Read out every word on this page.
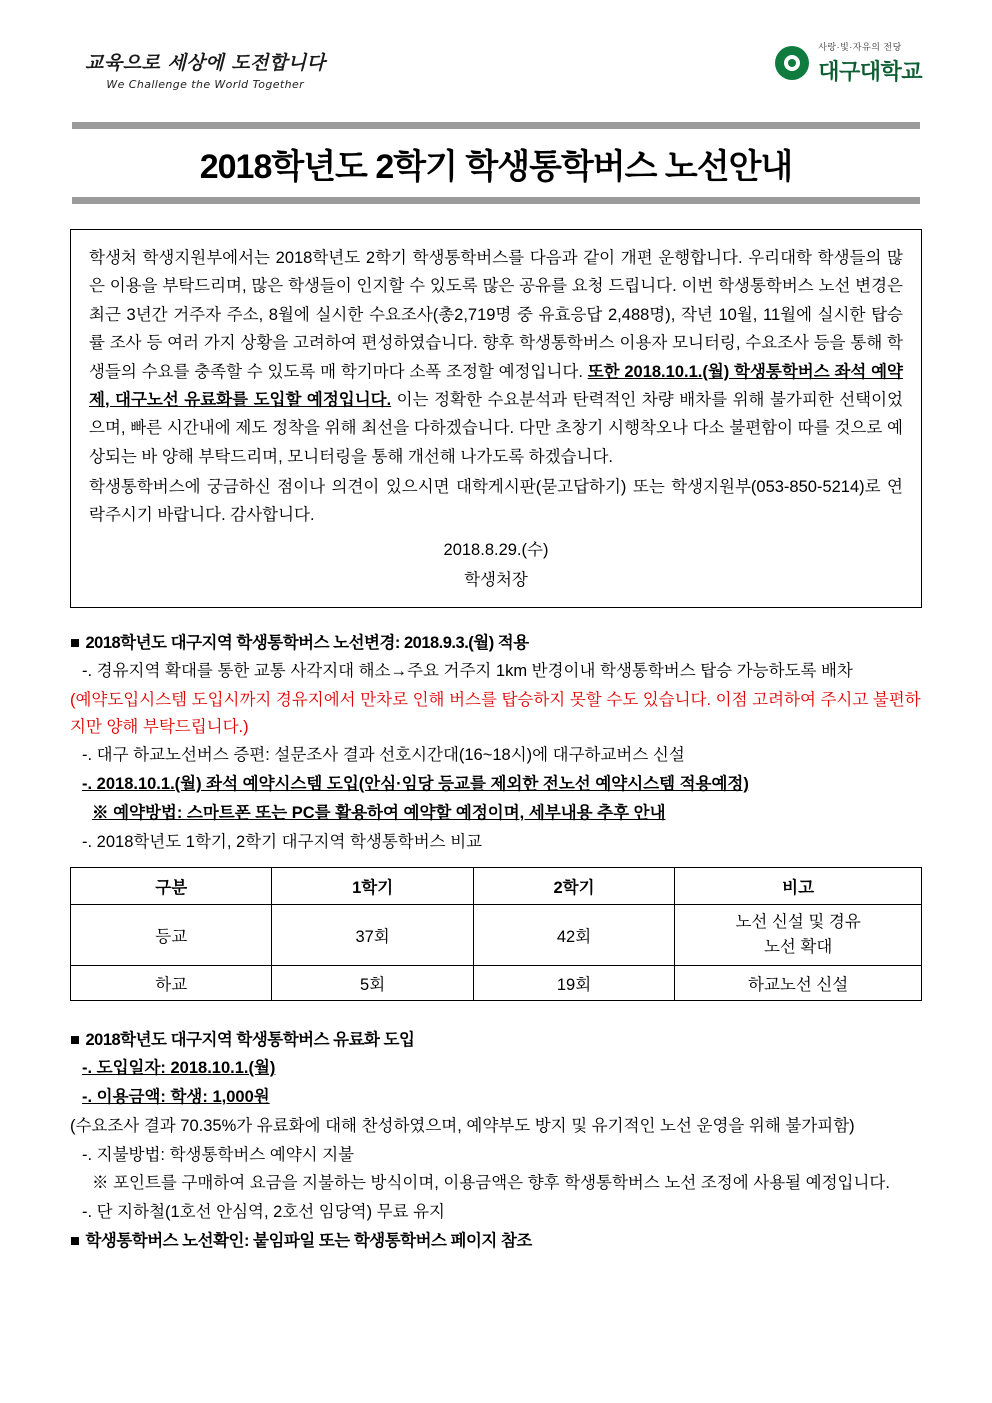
교육으로 세상에 도전합니다
We Challenge the World Together
사랑·빛·자유의 전당
대구대학교
2018학년도 2학기 학생통학버스 노선안내

학생처 학생지원부에서는 2018학년도 2학기 학생통학버스를 다음과 같이 개편 운행합니다. 우리대학 학생들의 많은 이용을 부탁드리며, 많은 학생들이 인지할 수 있도록 많은 공유를 요청 드립니다. 이번 학생통학버스 노선 변경은 최근 3년간 거주자 주소, 8월에 실시한 수요조사(총2,719명 중 유효응답 2,488명), 작년 10월, 11월에 실시한 탑승률 조사 등 여러 가지 상황을 고려하여 편성하였습니다. 향후 학생통학버스 이용자 모니터링, 수요조사 등을 통해 학생들의 수요를 충족할 수 있도록 매 학기마다 소폭 조정할 예정입니다. 또한 2018.10.1.(월) 학생통학버스 좌석 예약제, 대구노선 유료화를 도입할 예정입니다. 이는 정확한 수요분석과 탄력적인 차량 배차를 위해 불가피한 선택이었으며, 빠른 시간내에 제도 정착을 위해 최선을 다하겠습니다. 다만 초창기 시행착오나 다소 불편함이 따를 것으로 예상되는 바 양해 부탁드리며, 모니터링을 통해 개선해 나가도록 하겠습니다.

학생통학버스에 궁금하신 점이나 의견이 있으시면 대학게시판(묻고답하기) 또는 학생지원부(053-850-5214)로 연락주시기 바랍니다. 감사합니다.

2018.8.29.(수)
학생처장
■ 2018학년도 대구지역 학생통학버스 노선변경: 2018.9.3.(월) 적용
-. 경유지역 확대를 통한 교통 사각지대 해소→주요 거주지 1km 반경이내 학생통학버스 탑승 가능하도록 배차
(예약도입시스템 도입시까지 경유지에서 만차로 인해 버스를 탑승하지 못할 수도 있습니다. 이점 고려하여 주시고 불편하지만 양해 부탁드립니다.)
-. 대구 하교노선버스 증편: 설문조사 결과 선호시간대(16~18시)에 대구하교버스 신설
-. 2018.10.1.(월) 좌석 예약시스템 도입(안심·임당 등교를 제외한 전노선 예약시스템 적용예정)
※ 예약방법: 스마트폰 또는 PC를 활용하여 예약할 예정이며, 세부내용 추후 안내
-. 2018학년도 1학기, 2학기 대구지역 학생통학버스 비교
구분	1학기	2학기	비고
등교	37회	42회	노선 신설 및 경유
노선 확대
하교	5회	19회	하교노선 신설
■ 2018학년도 대구지역 학생통학버스 유료화 도입
-. 도입일자: 2018.10.1.(월)
-. 이용금액: 학생: 1,000원
(수요조사 결과 70.35%가 유료화에 대해 찬성하였으며, 예약부도 방지 및 유기적인 노선 운영을 위해 불가피함)
-. 지불방법: 학생통학버스 예약시 지불
※ 포인트를 구매하여 요금을 지불하는 방식이며, 이용금액은 향후 학생통학버스 노선 조정에 사용될 예정입니다.
-. 단 지하철(1호선 안심역, 2호선 임당역) 무료 유지
■ 학생통학버스 노선확인: 붙임파일 또는 학생통학버스 페이지 참조
